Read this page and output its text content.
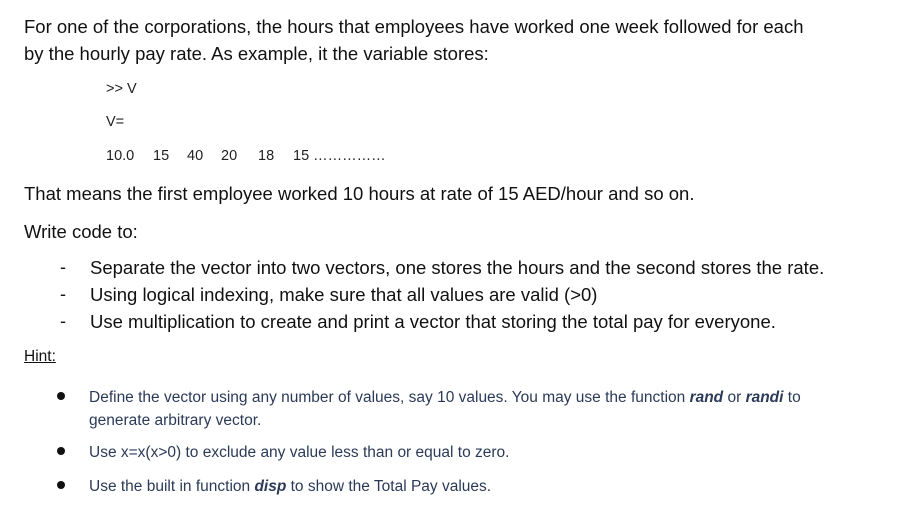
For one of the corporations, the hours that employees have worked one week followed for each
by the hourly pay rate. As example, it the variable stores:
>> V
V=
10.0 15 40 20 18 15 ……………
That means the first employee worked 10 hours at rate of 15 AED/hour and so on.
Write code to:
- Separate the vector into two vectors, one stores the hours and the second stores the rate.
- Using logical indexing, make sure that all values are valid (>0)
- Use multiplication to create and print a vector that storing the total pay for everyone.
Hint:
Define the vector using any number of values, say 10 values. You may use the function rand or randi to
generate arbitrary vector.
Use x=x(x>0) to exclude any value less than or equal to zero.
Use the built in function disp to show the Total Pay values.
